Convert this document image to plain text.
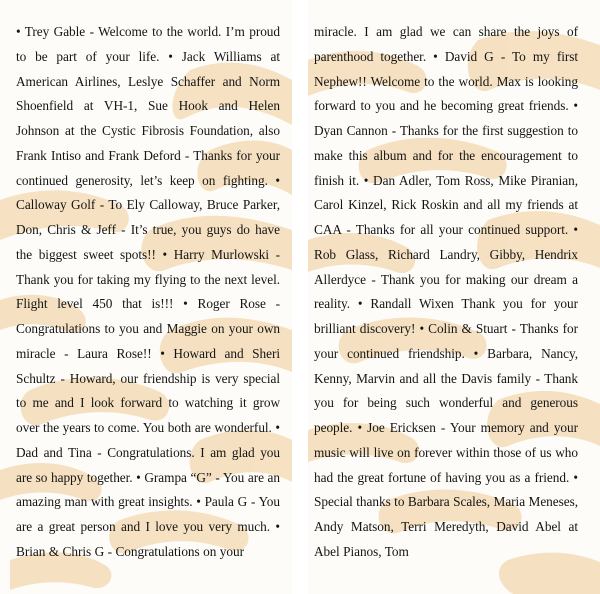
• Trey Gable - Welcome to the world. I’m proud to be part of your life. • Jack Williams at American Airlines, Leslye Schaffer and Norm Shoenfield at VH-1, Sue Hook and Helen Johnson at the Cystic Fibrosis Foundation, also Frank Intiso and Frank Deford - Thanks for your continued generosity, let’s keep on fighting. • Calloway Golf - To Ely Calloway, Bruce Parker, Don, Chris & Jeff - It’s true, you guys do have the biggest sweet spots!! • Harry Murlowski - Thank you for taking my flying to the next level. Flight level 450 that is!!! • Roger Rose - Congratulations to you and Maggie on your own miracle - Laura Rose!! • Howard and Sheri Schultz - Howard, our friendship is very special to me and I look forward to watching it grow over the years to come. You both are wonderful. • Dad and Tina - Congratulations. I am glad you are so happy together. • Grampa “G” - You are an amazing man with great insights. • Paula G - You are a great person and I love you very much. • Brian & Chris G - Congratulations on your

miracle. I am glad we can share the joys of parenthood together. • David G - To my first Nephew!! Welcome to the world. Max is looking forward to you and he becoming great friends. • Dyan Cannon - Thanks for the first suggestion to make this album and for the encouragement to finish it. • Dan Adler, Tom Ross, Mike Piranian, Carol Kinzel, Rick Roskin and all my friends at CAA - Thanks for all your continued support. • Rob Glass, Richard Landry, Gibby, Hendrix Allerdyce - Thank you for making our dream a reality. • Randall Wixen Thank you for your brilliant discovery! • Colin & Stuart - Thanks for your continued friendship. • Barbara, Nancy, Kenny, Marvin and all the Davis family - Thank you for being such wonderful and generous people. • Joe Ericksen - Your memory and your music will live on forever within those of us who had the great fortune of having you as a friend. • Special thanks to Barbara Scales, Maria Meneses, Andy Matson, Terri Meredyth, David Abel at Abel Pianos, Tom
